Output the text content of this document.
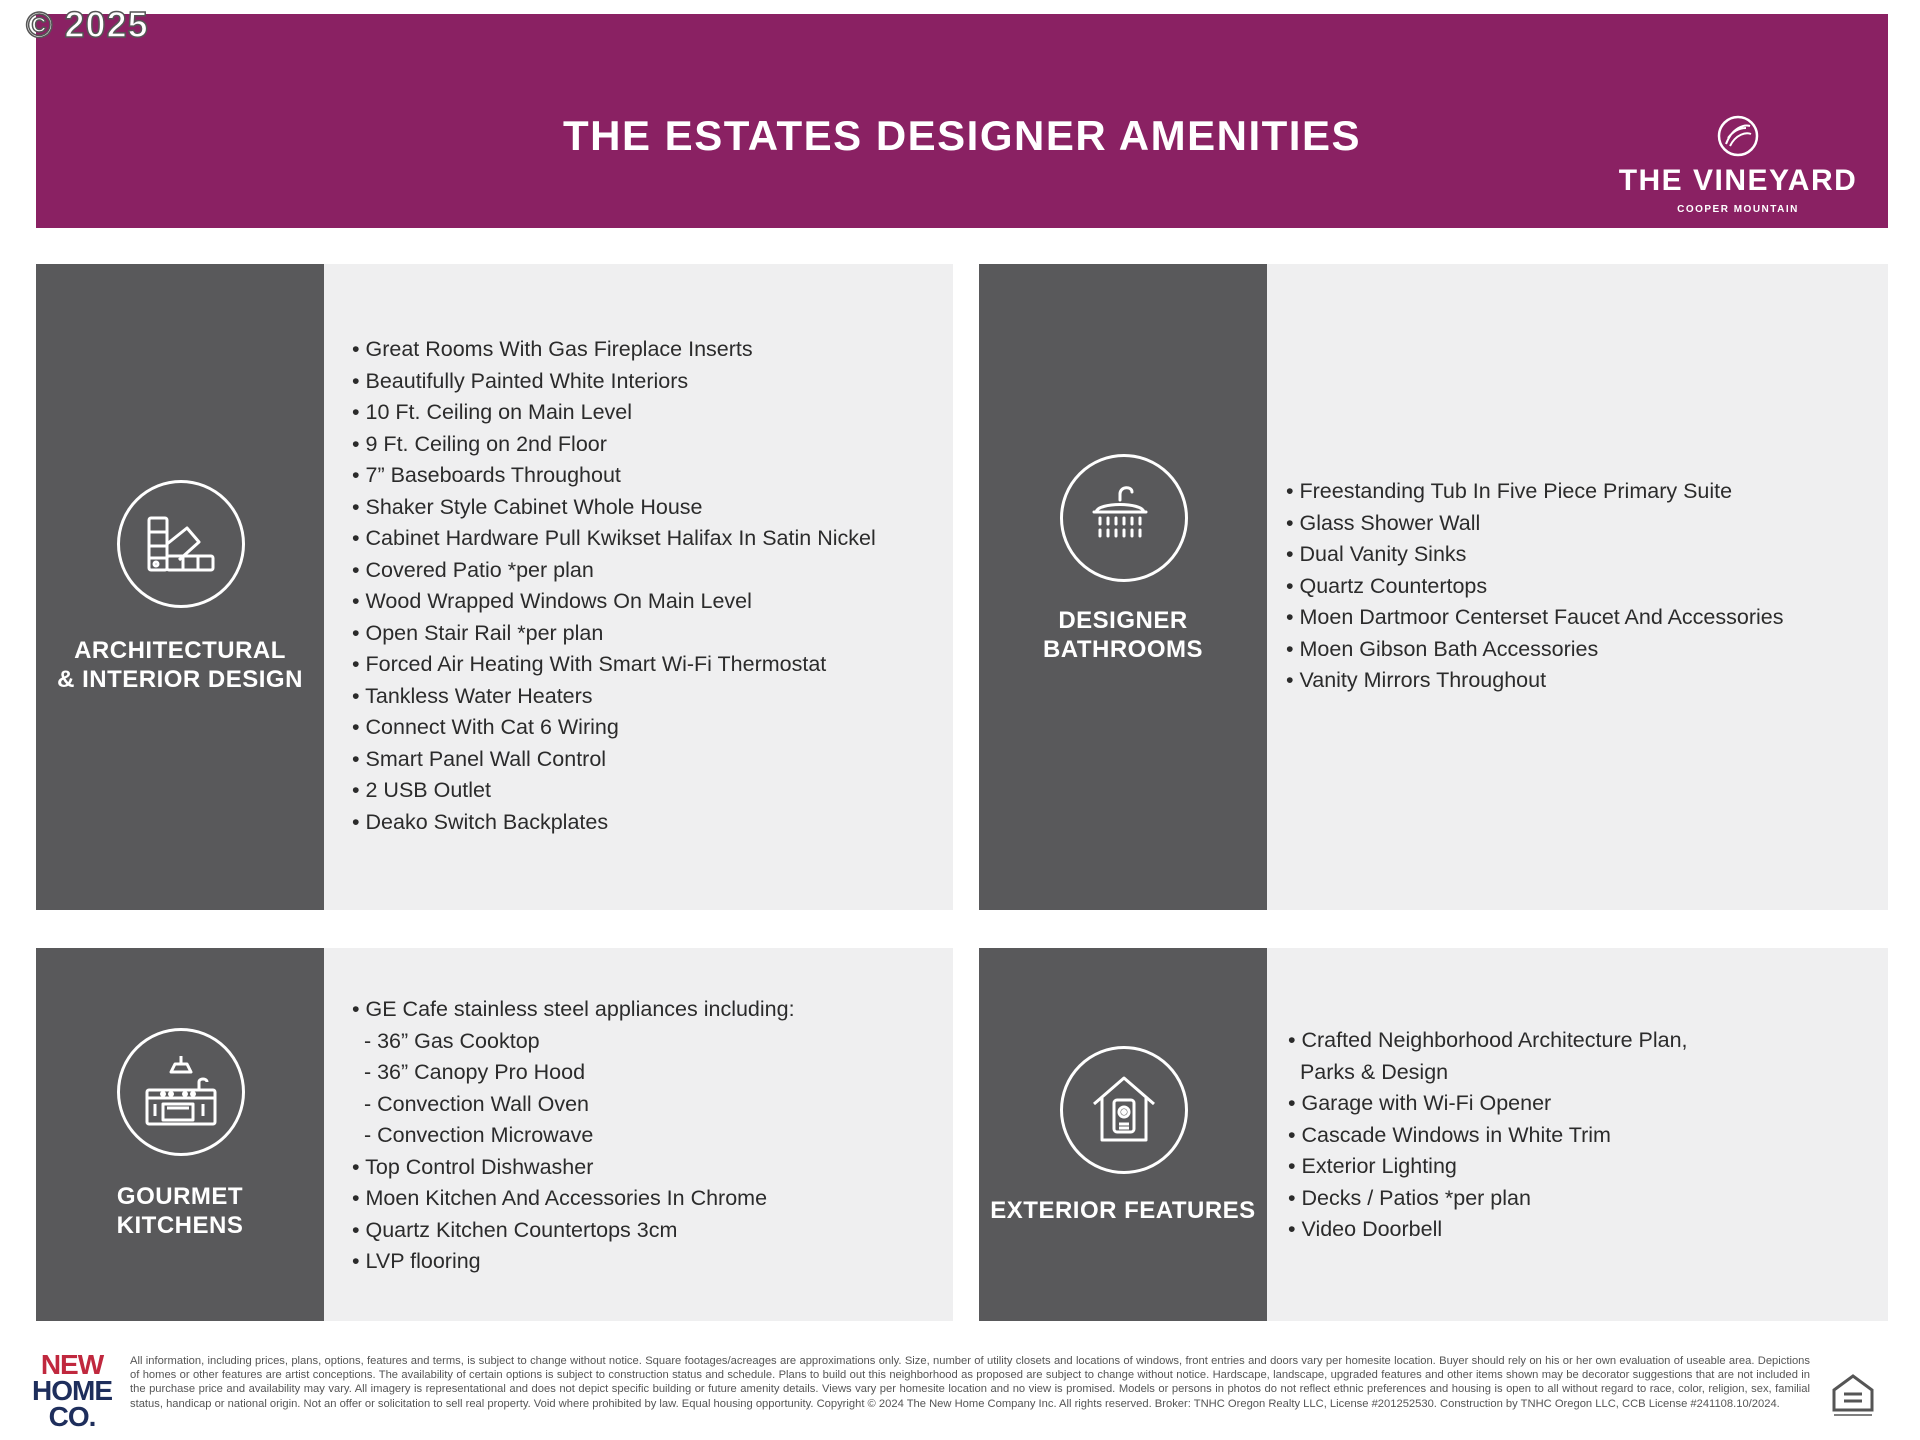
© 2025
THE ESTATES DESIGNER AMENITIES
THE VINEYARD
COOPER MOUNTAIN
ARCHITECTURAL
& INTERIOR DESIGN
• Great Rooms With Gas Fireplace Inserts
• Beautifully Painted White Interiors
• 10 Ft. Ceiling on Main Level
• 9 Ft. Ceiling on 2nd Floor
• 7” Baseboards Throughout
• Shaker Style Cabinet Whole House
• Cabinet Hardware Pull Kwikset Halifax In Satin Nickel
• Covered Patio *per plan
• Wood Wrapped Windows On Main Level
• Open Stair Rail *per plan
• Forced Air Heating With Smart Wi-Fi Thermostat
• Tankless Water Heaters
• Connect With Cat 6 Wiring
• Smart Panel Wall Control
• 2 USB Outlet
• Deako Switch Backplates
DESIGNER
BATHROOMS
• Freestanding Tub In Five Piece Primary Suite
• Glass Shower Wall
• Dual Vanity Sinks
• Quartz Countertops
• Moen Dartmoor Centerset Faucet And Accessories
• Moen Gibson Bath Accessories
• Vanity Mirrors Throughout
GOURMET
KITCHENS
• GE Cafe stainless steel appliances including:
- 36” Gas Cooktop
- 36” Canopy Pro Hood
- Convection Wall Oven
- Convection Microwave
• Top Control Dishwasher
• Moen Kitchen And Accessories In Chrome
• Quartz Kitchen Countertops 3cm
• LVP flooring
EXTERIOR FEATURES
• Crafted Neighborhood Architecture Plan,
Parks & Design
• Garage with Wi-Fi Opener
• Cascade Windows in White Trim
• Exterior Lighting
• Decks / Patios *per plan
• Video Doorbell
NEW
HOME
CO.
All information, including prices, plans, options, features and terms, is subject to change without notice. Square footages/acreages are approximations only. Size, number of utility closets and locations of windows, front entries and doors vary per homesite location. Buyer should rely on his or her own evaluation of useable area. Depictions of homes or other features are artist conceptions. The availability of certain options is subject to construction status and schedule. Plans to build out this neighborhood as proposed are subject to change without notice. Hardscape, landscape, upgraded features and other items shown may be decorator suggestions that are not included in the purchase price and availability may vary. All imagery is representational and does not depict specific building or future amenity details. Views vary per homesite location and no view is promised. Models or persons in photos do not reflect ethnic preferences and housing is open to all without regard to race, color, religion, sex, familial status, handicap or national origin. Not an offer or solicitation to sell real property. Void where prohibited by law. Equal housing opportunity. Copyright © 2024 The New Home Company Inc. All rights reserved. Broker: TNHC Oregon Realty LLC, License #201252530. Construction by TNHC Oregon LLC, CCB License #241108.10/2024.
